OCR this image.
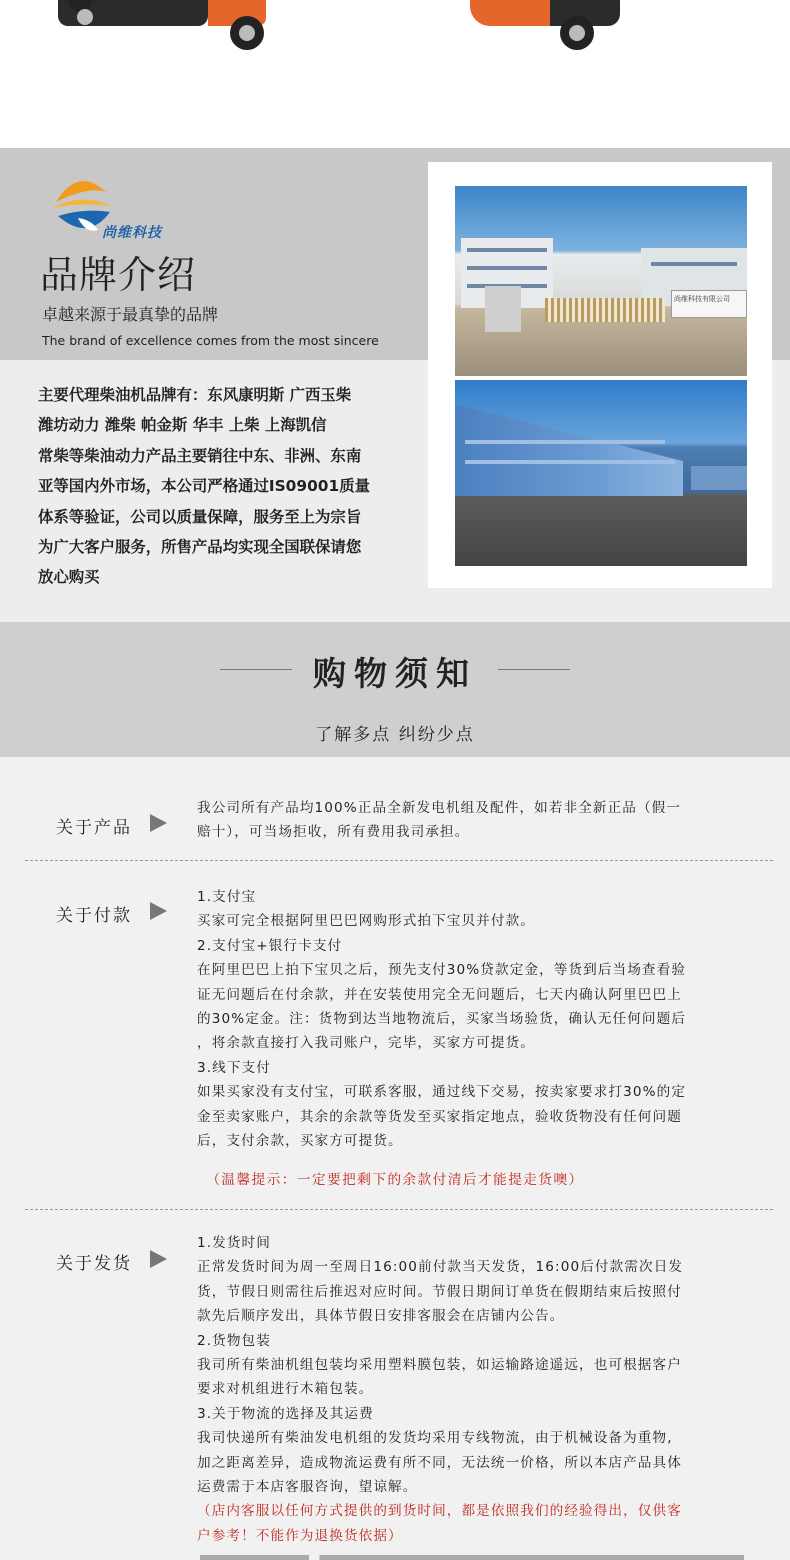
尚维科技
品牌介绍
卓越来源于最真挚的品牌
The brand of excellence comes from the most sincere
主要代理柴油机品牌有：东风康明斯 广西玉柴
潍坊动力 潍柴 帕金斯 华丰 上柴 上海凯信
常柴等柴油动力产品主要销往中东、非洲、东南
亚等国内外市场，本公司严格通过IS09001质量
体系等验证，公司以质量保障，服务至上为宗旨
为广大客户服务，所售产品均实现全国联保请您
放心购买
尚维科技有限公司
购物须知
了解多点 纠纷少点
关于产品
我公司所有产品均100%正品全新发电机组及配件，如若非全新正品（假一
赔十），可当场拒收，所有费用我司承担。
关于付款
1.支付宝
买家可完全根据阿里巴巴网购形式拍下宝贝并付款。
2.支付宝+银行卡支付
在阿里巴巴上拍下宝贝之后，预先支付30%贷款定金，等货到后当场查看验
证无问题后在付余款，并在安装使用完全无问题后，七天内确认阿里巴巴上
的30%定金。注：货物到达当地物流后，买家当场验货，确认无任何问题后
，将余款直接打入我司账户，完毕，买家方可提货。
3.线下支付
如果买家没有支付宝，可联系客服，通过线下交易，按卖家要求打30%的定
金至卖家账户，其余的余款等货发至买家指定地点，验收货物没有任何问题
后，支付余款，买家方可提货。
（温馨提示：一定要把剩下的余款付清后才能提走货噢）
关于发货
1.发货时间
正常发货时间为周一至周日16:00前付款当天发货，16:00后付款需次日发
货，节假日则需往后推迟对应时间。节假日期间订单货在假期结束后按照付
款先后顺序发出，具体节假日安排客服会在店铺内公告。
2.货物包装
我司所有柴油机组包装均采用塑料膜包装，如运输路途遥远，也可根据客户
要求对机组进行木箱包装。
3.关于物流的选择及其运费
我司快递所有柴油发电机组的发货均采用专线物流，由于机械设备为重物,
加之距离差异，造成物流运费有所不同，无法统一价格，所以本店产品具体
运费需于本店客服咨询，望谅解。
（店内客服以任何方式提供的到货时间，都是依照我们的经验得出，仅供客
户参考！不能作为退换货依据）
